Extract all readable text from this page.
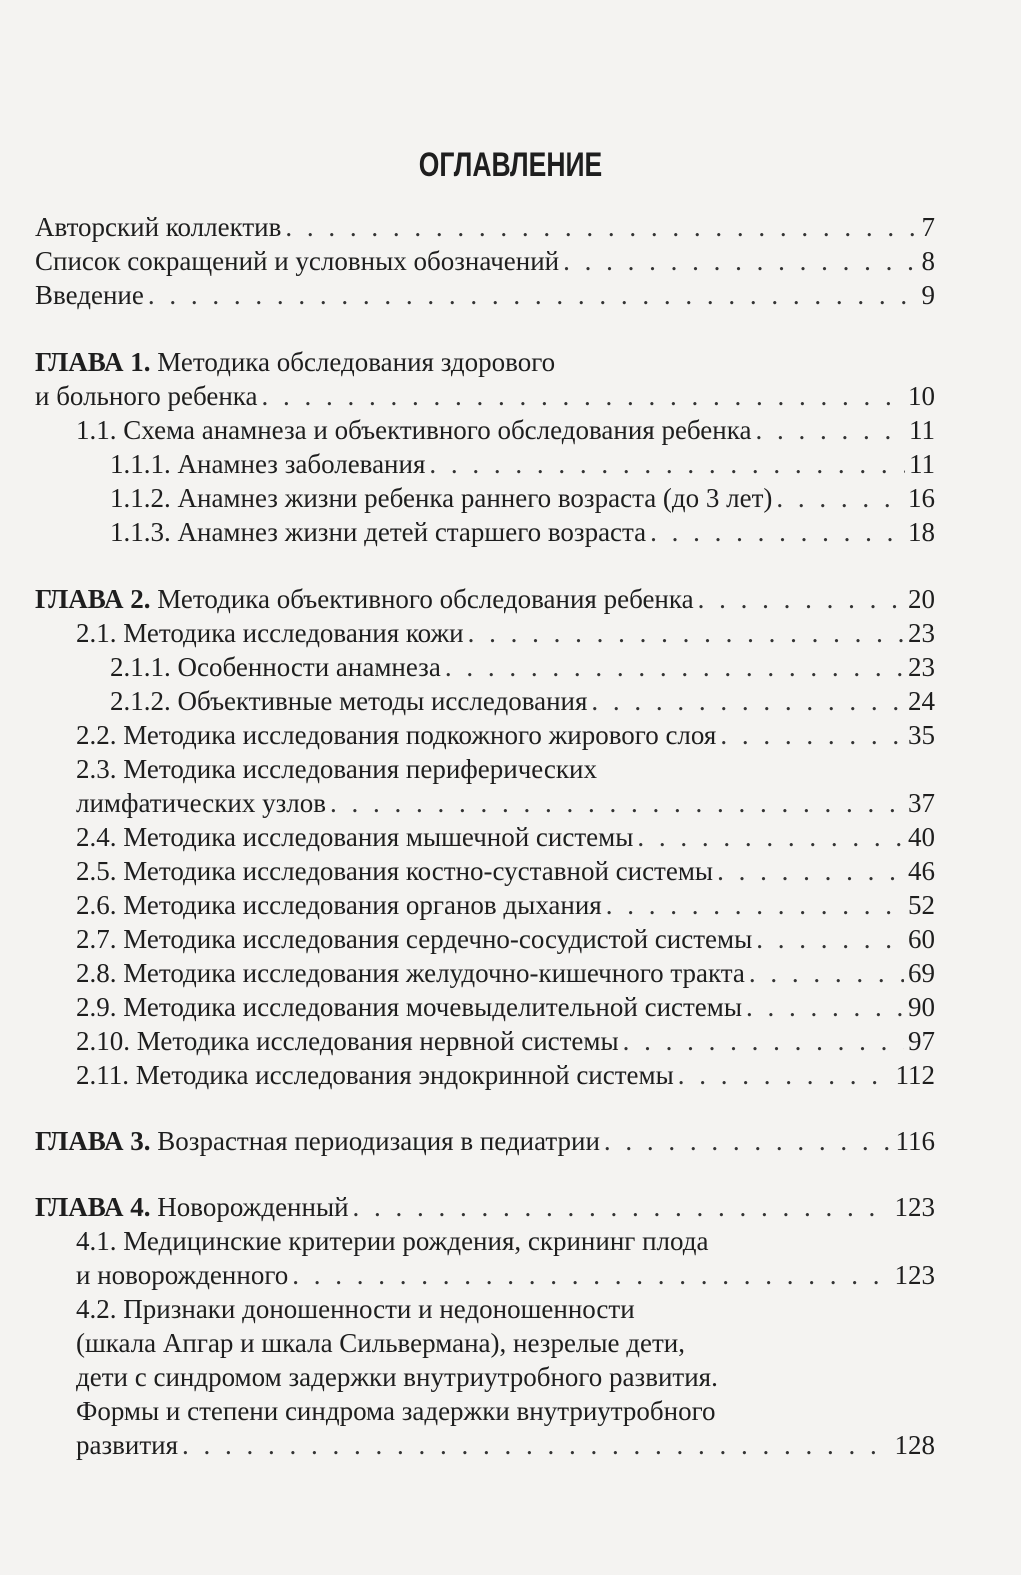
ОГЛАВЛЕНИЕ
Авторский коллектив . . .	7
Список сокращений и условных обозначений . . .	8
Введение . . .	9
ГЛАВА 1. Методика обследования здорового
и больного ребенка . . .	10
1.1. Схема анамнеза и объективного обследования ребенка . . .	11
1.1.1. Анамнез заболевания . . .	11
1.1.2. Анамнез жизни ребенка раннего возраста (до 3 лет) . . .	16
1.1.3. Анамнез жизни детей старшего возраста . . .	18
ГЛАВА 2. Методика объективного обследования ребенка . . .	20
2.1. Методика исследования кожи . . .	23
2.1.1. Особенности анамнеза . . .	23
2.1.2. Объективные методы исследования . . .	24
2.2. Методика исследования подкожного жирового слоя . . .	35
2.3. Методика исследования периферических
лимфатических узлов . . .	37
2.4. Методика исследования мышечной системы . . .	40
2.5. Методика исследования костно-суставной системы . . .	46
2.6. Методика исследования органов дыхания . . .	52
2.7. Методика исследования сердечно-сосудистой системы . . .	60
2.8. Методика исследования желудочно-кишечного тракта . . .	69
2.9. Методика исследования мочевыделительной системы . . .	90
2.10. Методика исследования нервной системы . . .	97
2.11. Методика исследования эндокринной системы . . .	112
ГЛАВА 3. Возрастная периодизация в педиатрии . . .	116
ГЛАВА 4. Новорожденный . . .	123
4.1. Медицинские критерии рождения, скрининг плода
и новорожденного . . .	123
4.2. Признаки доношенности и недоношенности
(шкала Апгар и шкала Сильвермана), незрелые дети,
дети с синдромом задержки внутриутробного развития.
Формы и степени синдрома задержки внутриутробного
развития . . .	128
